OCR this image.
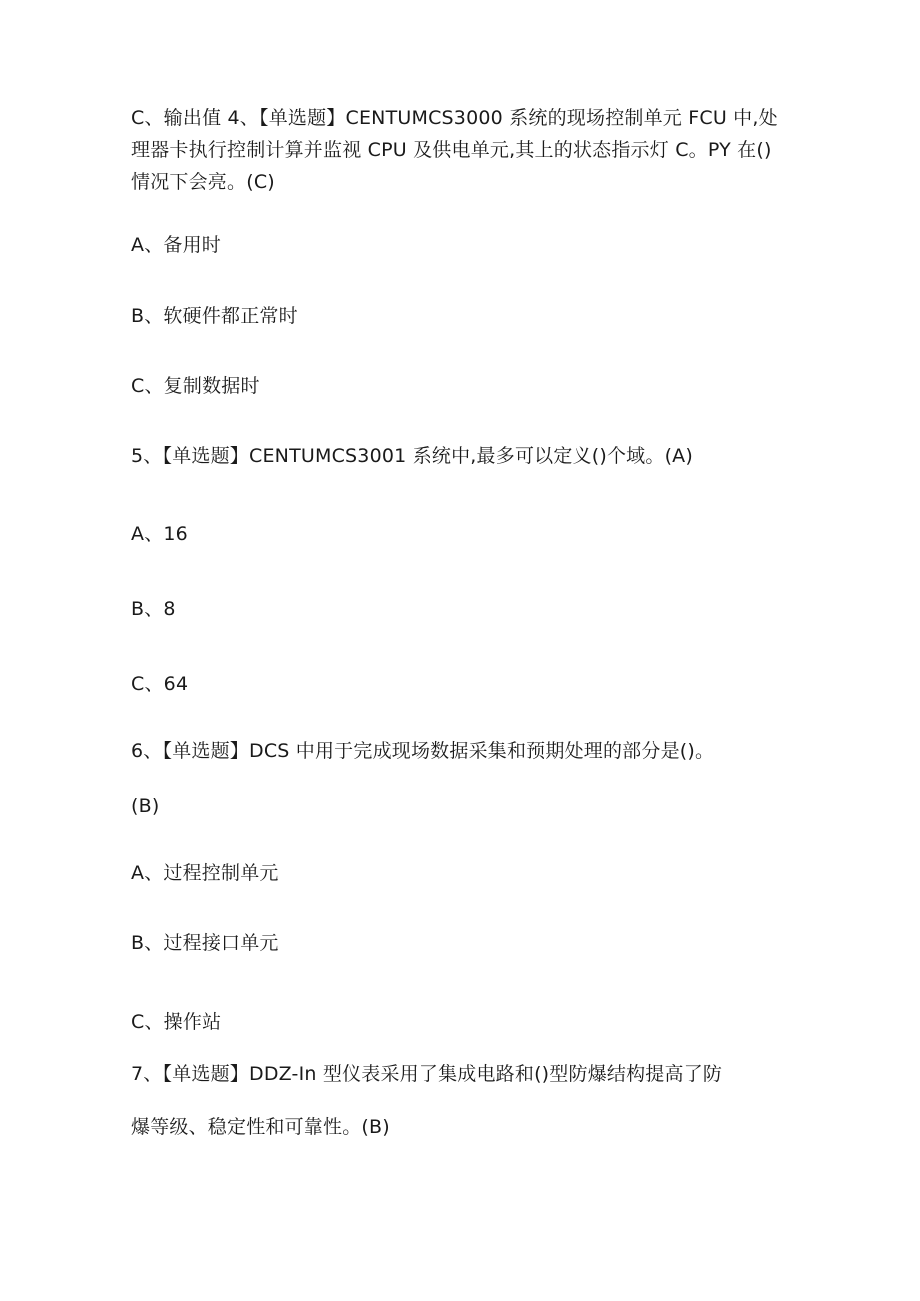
C、输出值 4、【单选题】CENTUMCS3000 系统的现场控制单元 FCU 中,处

理器卡执行控制计算并监视 CPU 及供电单元,其上的状态指示灯 C。PY 在()

情况下会亮。(C)

A、备用时

B、软硬件都正常时

C、复制数据时

5、【单选题】CENTUMCS3001 系统中,最多可以定义()个域。(A)

A、16

B、8

C、64

6、【单选题】DCS 中用于完成现场数据采集和预期处理的部分是()。

(B)

A、过程控制单元

B、过程接口单元

C、操作站

7、【单选题】DDZ-In 型仪表采用了集成电路和()型防爆结构提高了防

爆等级、稳定性和可靠性。(B)
